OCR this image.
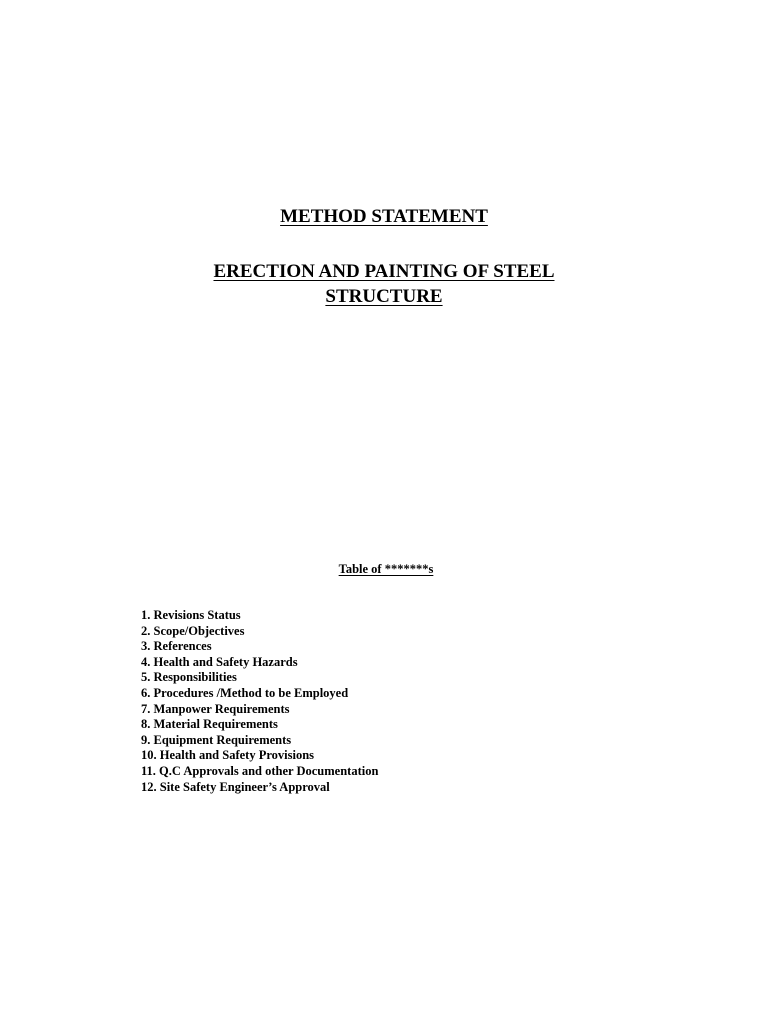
METHOD STATEMENT
ERECTION AND PAINTING OF STEEL
STRUCTURE
Table of *******s
1. Revisions Status
2. Scope/Objectives
3. References
4. Health and Safety Hazards
5. Responsibilities
6. Procedures /Method to be Employed
7. Manpower Requirements
8. Material Requirements
9. Equipment Requirements
10. Health and Safety Provisions
11. Q.C Approvals and other Documentation
12. Site Safety Engineer’s Approval
